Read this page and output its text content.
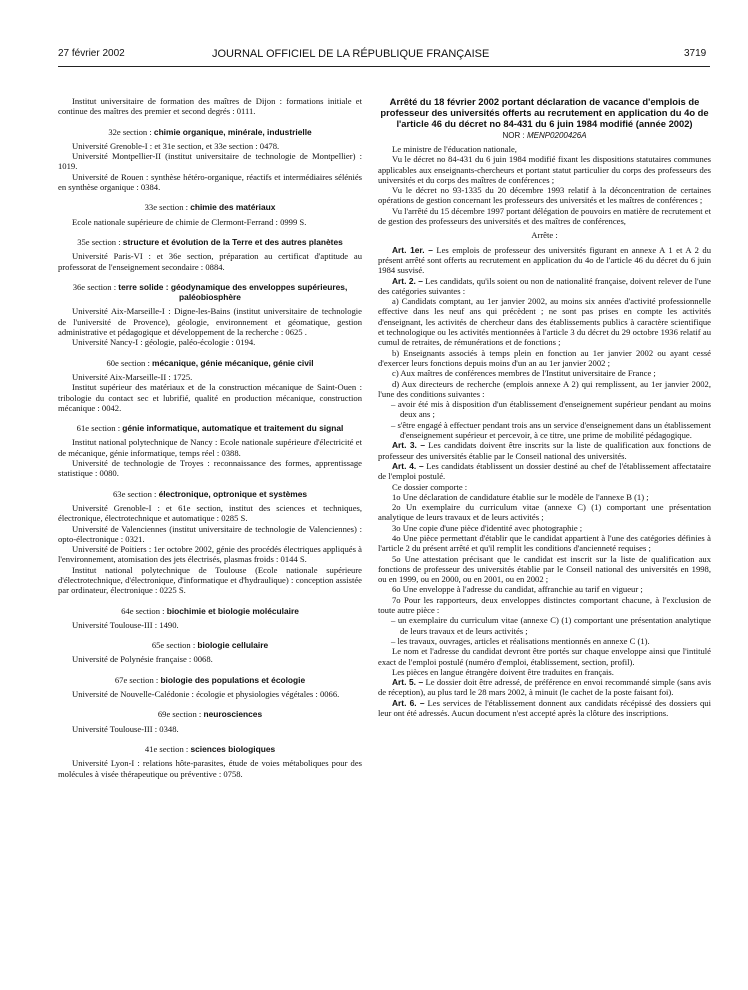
27 février 2002	JOURNAL OFFICIEL DE LA RÉPUBLIQUE FRANÇAISE	3719

Institut universitaire de formation des maîtres de Dijon : formations initiale et continue des maîtres des premier et second degrés : 0111.

32e section : chimie organique, minérale, industrielle

Université Grenoble-I : et 31e section, et 33e section : 0478.

Université Montpellier-II (institut universitaire de technologie de Montpellier) : 1019.

Université de Rouen : synthèse hétéro-organique, réactifs et intermédiaires séléniés en synthèse organique : 0384.

33e section : chimie des matériaux

Ecole nationale supérieure de chimie de Clermont-Ferrand : 0999 S.

35e section : structure et évolution de la Terre et des autres planètes

Université Paris-VI : et 36e section, préparation au certificat d'aptitude au professorat de l'enseignement secondaire : 0884.

36e section : terre solide : géodynamique des enveloppes supérieures, paléobiosphère

Université Aix-Marseille-I : Digne-les-Bains (institut universitaire de technologie de l'université de Provence), géologie, environnement et géomatique, gestion administrative et pédagogique et développement de la recherche : 0625 .

Université Nancy-I : géologie, paléo-écologie : 0194.

60e section : mécanique, génie mécanique, génie civil

Université Aix-Marseille-II : 1725.

Institut supérieur des matériaux et de la construction mécanique de Saint-Ouen : tribologie du contact sec et lubrifié, qualité en production mécanique, construction mécanique : 0042.

61e section : génie informatique, automatique et traitement du signal

Institut national polytechnique de Nancy : Ecole nationale supérieure d'électricité et de mécanique, génie informatique, temps réel : 0388.

Université de technologie de Troyes : reconnaissance des formes, apprentissage statistique : 0080.

63e section : électronique, optronique et systèmes

Université Grenoble-I : et 61e section, institut des sciences et techniques, électronique, électrotechnique et automatique : 0285 S.

Université de Valenciennes (institut universitaire de technologie de Valenciennes) : opto-électronique : 0321.

Université de Poitiers : 1er octobre 2002, génie des procédés électriques appliqués à l'environnement, atomisation des jets électrisés, plasmas froids : 0144 S.

Institut national polytechnique de Toulouse (Ecole nationale supérieure d'électrotechnique, d'électronique, d'informatique et d'hydraulique) : conception assistée par ordinateur, électronique : 0225 S.

64e section : biochimie et biologie moléculaire

Université Toulouse-III : 1490.

65e section : biologie cellulaire

Université de Polynésie française : 0068.

67e section : biologie des populations et écologie

Université de Nouvelle-Calédonie : écologie et physiologies végétales : 0066.

69e section : neurosciences

Université Toulouse-III : 0348.

41e section : sciences biologiques

Université Lyon-I : relations hôte-parasites, étude de voies métaboliques pour des molécules à visée thérapeutique ou préventive : 0758.

Arrêté du 18 février 2002 portant déclaration de vacance d'emplois de professeur des universités offerts au recrutement en application du 4o de l'article 46 du décret no 84-431 du 6 juin 1984 modifié (année 2002)

NOR : MENP0200426A

Le ministre de l'éducation nationale,

Vu le décret no 84-431 du 6 juin 1984 modifié fixant les dispositions statutaires communes applicables aux enseignants-chercheurs et portant statut particulier du corps des professeurs des universités et du corps des maîtres de conférences ;

Vu le décret no 93-1335 du 20 décembre 1993 relatif à la déconcentration de certaines opérations de gestion concernant les professeurs des universités et les maîtres de conférences ;

Vu l'arrêté du 15 décembre 1997 portant délégation de pouvoirs en matière de recrutement et de gestion des professeurs des universités et des maîtres de conférences,

Arrête :

Art. 1er. – Les emplois de professeur des universités figurant en annexe A 1 et A 2 du présent arrêté sont offerts au recrutement en application du 4o de l'article 46 du décret du 6 juin 1984 susvisé.

Art. 2. – Les candidats, qu'ils soient ou non de nationalité française, doivent relever de l'une des catégories suivantes :

a) Candidats comptant, au 1er janvier 2002, au moins six années d'activité professionnelle effective dans les neuf ans qui précèdent ; ne sont pas prises en compte les activités d'enseignant, les activités de chercheur dans des établissements publics à caractère scientifique et technologique ou les activités mentionnées à l'article 3 du décret du 29 octobre 1936 relatif au cumul de retraites, de rémunérations et de fonctions ;

b) Enseignants associés à temps plein en fonction au 1er janvier 2002 ou ayant cessé d'exercer leurs fonctions depuis moins d'un an au 1er janvier 2002 ;

c) Aux maîtres de conférences membres de l'Institut universitaire de France ;

d) Aux directeurs de recherche (emplois annexe A 2) qui remplissent, au 1er janvier 2002, l'une des conditions suivantes :

– avoir été mis à disposition d'un établissement d'enseignement supérieur pendant au moins deux ans ;

– s'être engagé à effectuer pendant trois ans un service d'enseignement dans un établissement d'enseignement supérieur et percevoir, à ce titre, une prime de mobilité pédagogique.

Art. 3. – Les candidats doivent être inscrits sur la liste de qualification aux fonctions de professeur des universités établie par le Conseil national des universités.

Art. 4. – Les candidats établissent un dossier destiné au chef de l'établissement affectataire de l'emploi postulé.

Ce dossier comporte :

1o Une déclaration de candidature établie sur le modèle de l'annexe B (1) ;

2o Un exemplaire du curriculum vitae (annexe C) (1) comportant une présentation analytique de leurs travaux et de leurs activités ;

3o Une copie d'une pièce d'identité avec photographie ;

4o Une pièce permettant d'établir que le candidat appartient à l'une des catégories définies à l'article 2 du présent arrêté et qu'il remplit les conditions d'ancienneté requises ;

5o Une attestation précisant que le candidat est inscrit sur la liste de qualification aux fonctions de professeur des universités établie par le Conseil national des universités en 1998, ou en 1999, ou en 2000, ou en 2001, ou en 2002 ;

6o Une enveloppe à l'adresse du candidat, affranchie au tarif en vigueur ;

7o Pour les rapporteurs, deux enveloppes distinctes comportant chacune, à l'exclusion de toute autre pièce :

– un exemplaire du curriculum vitae (annexe C) (1) comportant une présentation analytique de leurs travaux et de leurs activités ;

– les travaux, ouvrages, articles et réalisations mentionnés en annexe C (1).

Le nom et l'adresse du candidat devront être portés sur chaque enveloppe ainsi que l'intitulé exact de l'emploi postulé (numéro d'emploi, établissement, section, profil).

Les pièces en langue étrangère doivent être traduites en français.

Art. 5. – Le dossier doit être adressé, de préférence en envoi recommandé simple (sans avis de réception), au plus tard le 28 mars 2002, à minuit (le cachet de la poste faisant foi).

Art. 6. – Les services de l'établissement donnent aux candidats récépissé des dossiers qui leur ont été adressés. Aucun document n'est accepté après la clôture des inscriptions.
